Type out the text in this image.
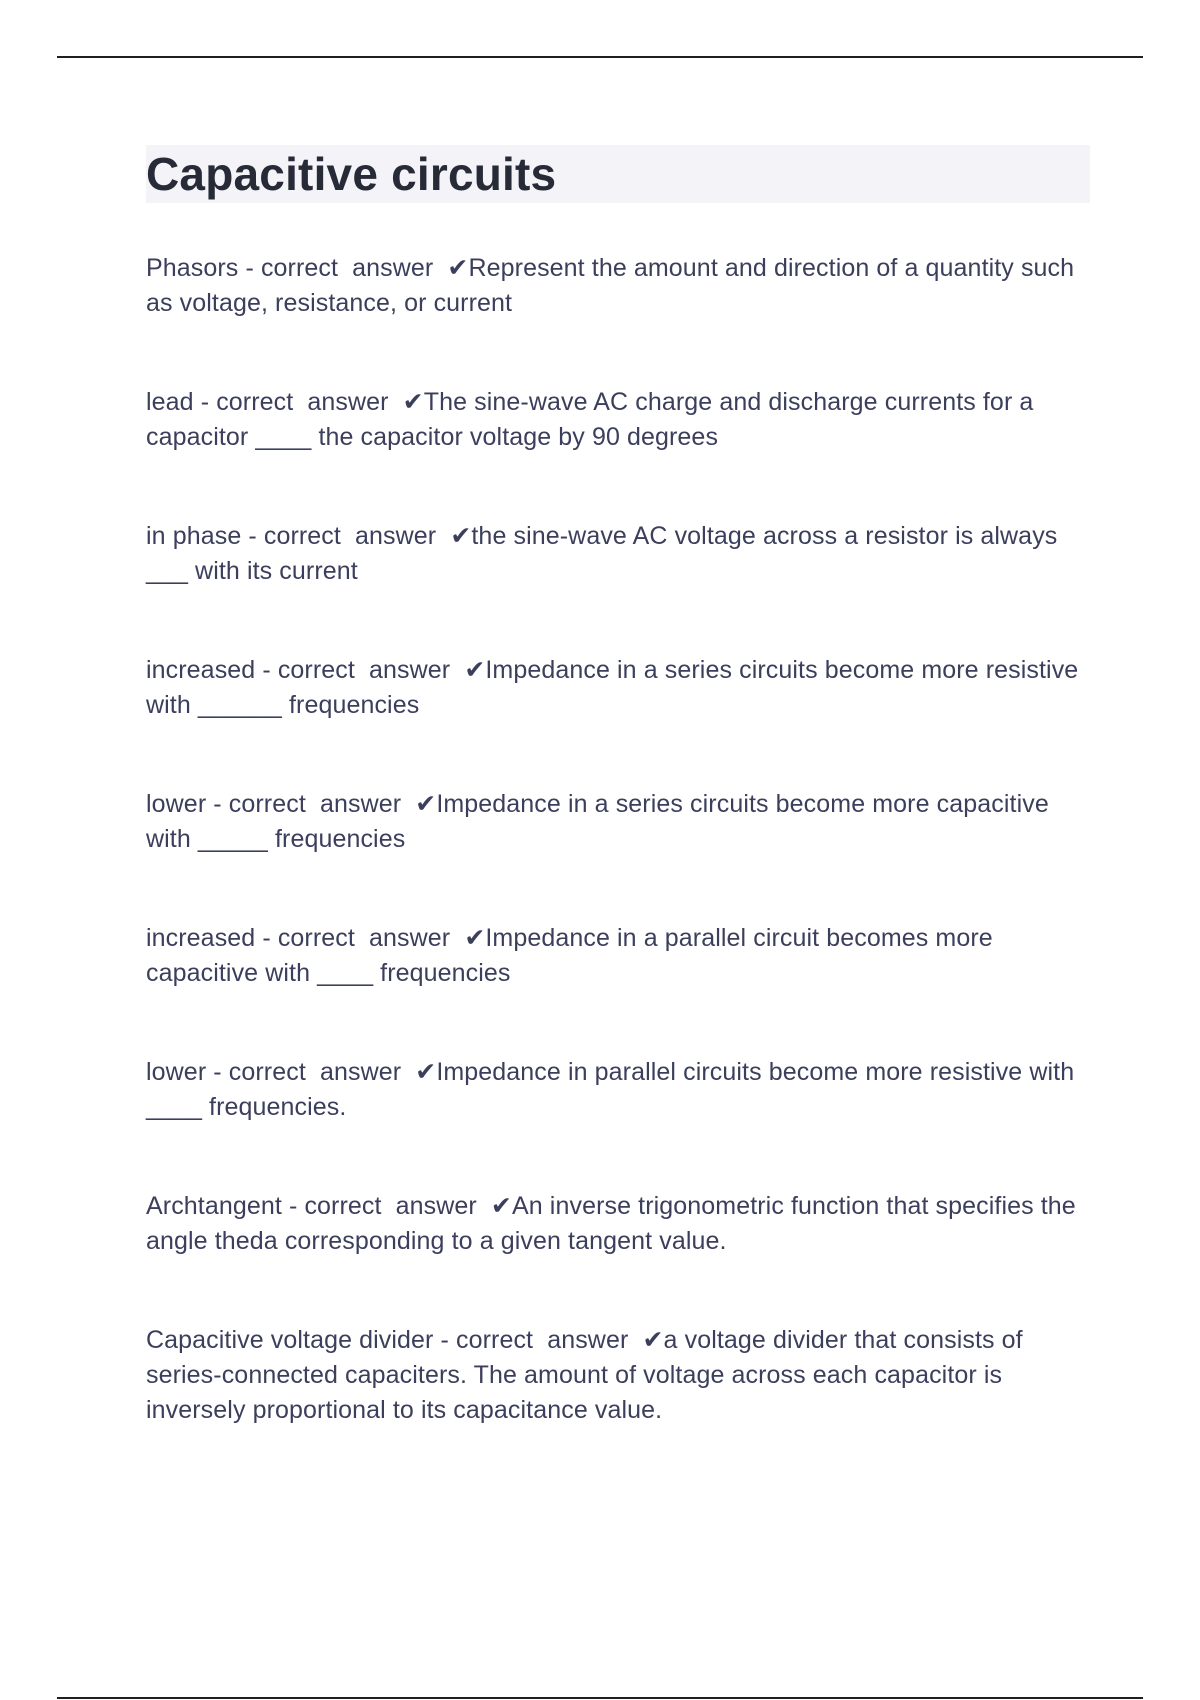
Capacitive circuits

Phasors - correct  answer  ✔Represent the amount and direction of a quantity such as voltage, resistance, or current

lead - correct  answer  ✔The sine-wave AC charge and discharge currents for a capacitor ____ the capacitor voltage by 90 degrees

in phase - correct  answer  ✔the sine-wave AC voltage across a resistor is always ___ with its current

increased - correct  answer  ✔Impedance in a series circuits become more resistive with ______ frequencies

lower - correct  answer  ✔Impedance in a series circuits become more capacitive with _____ frequencies

increased - correct  answer  ✔Impedance in a parallel circuit becomes more capacitive with ____ frequencies

lower - correct  answer  ✔Impedance in parallel circuits become more resistive with ____ frequencies.

Archtangent - correct  answer  ✔An inverse trigonometric function that specifies the angle theda corresponding to a given tangent value.

Capacitive voltage divider - correct  answer  ✔a voltage divider that consists of series-connected capaciters. The amount of voltage across each capacitor is inversely proportional to its capacitance value.
